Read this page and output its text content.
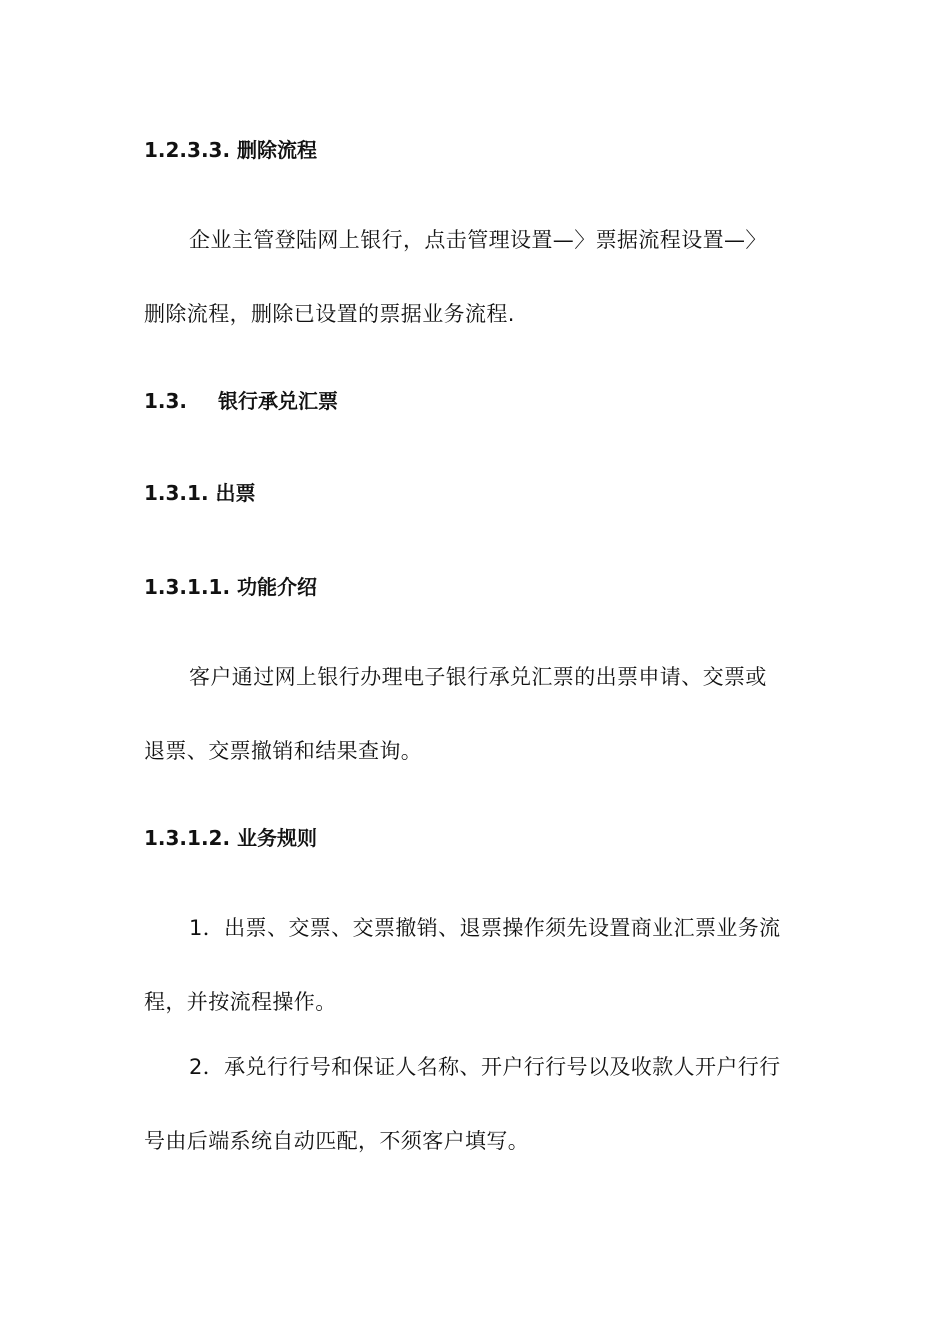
1.2.3.3. 删除流程
企业主管登陆网上银行，点击管理设置—〉票据流程设置—〉
删除流程，删除已设置的票据业务流程.
1.3. 银行承兑汇票
1.3.1. 出票
1.3.1.1. 功能介绍
客户通过网上银行办理电子银行承兑汇票的出票申请、交票或
退票、交票撤销和结果查询。
1.3.1.2. 业务规则
1．出票、交票、交票撤销、退票操作须先设置商业汇票业务流
程，并按流程操作。
2．承兑行行号和保证人名称、开户行行号以及收款人开户行行
号由后端系统自动匹配，不须客户填写。
